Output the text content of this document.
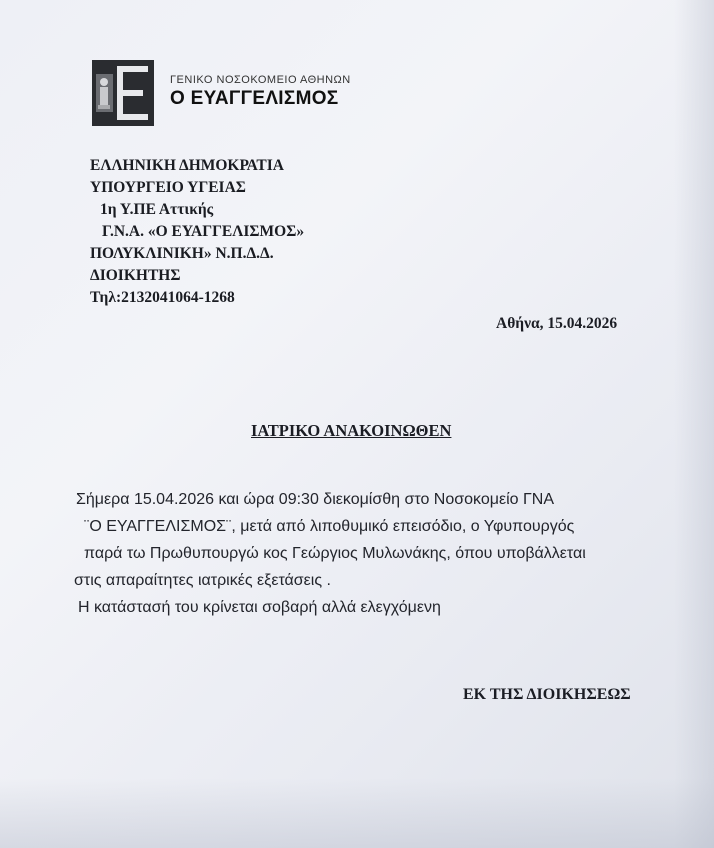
ΓΕΝΙΚΟ ΝΟΣΟΚΟΜΕΙΟ ΑΘΗΝΩΝ
Ο ΕΥΑΓΓΕΛΙΣΜΟΣ
ΕΛΛΗΝΙΚΗ ΔΗΜΟΚΡΑΤΙΑ
ΥΠΟΥΡΓΕΙΟ ΥΓΕΙΑΣ
1η Υ.ΠΕ Αττικής
Γ.Ν.Α. «Ο ΕΥΑΓΓΕΛΙΣΜΟΣ»
ΠΟΛΥΚΛΙΝΙΚΗ» Ν.Π.Δ.Δ.
ΔΙΟΙΚΗΤΗΣ
Τηλ:2132041064-1268
Αθήνα, 15.04.2026
ΙΑΤΡΙΚΟ ΑΝΑΚΟΙΝΩΘΕΝ
Σήμερα 15.04.2026 και ώρα 09:30 διεκομίσθη στο Νοσοκομείο ΓΝΑ
¨Ο ΕΥΑΓΓΕΛΙΣΜΟΣ¨, μετά από λιποθυμικό επεισόδιο, ο Υφυπουργός
παρά τω Πρωθυπουργώ κος Γεώργιος Μυλωνάκης, όπου υποβάλλεται
στις απαραίτητες ιατρικές εξετάσεις .
Η κατάστασή του κρίνεται σοβαρή αλλά ελεγχόμενη
ΕΚ ΤΗΣ ΔΙΟΙΚΗΣΕΩΣ
